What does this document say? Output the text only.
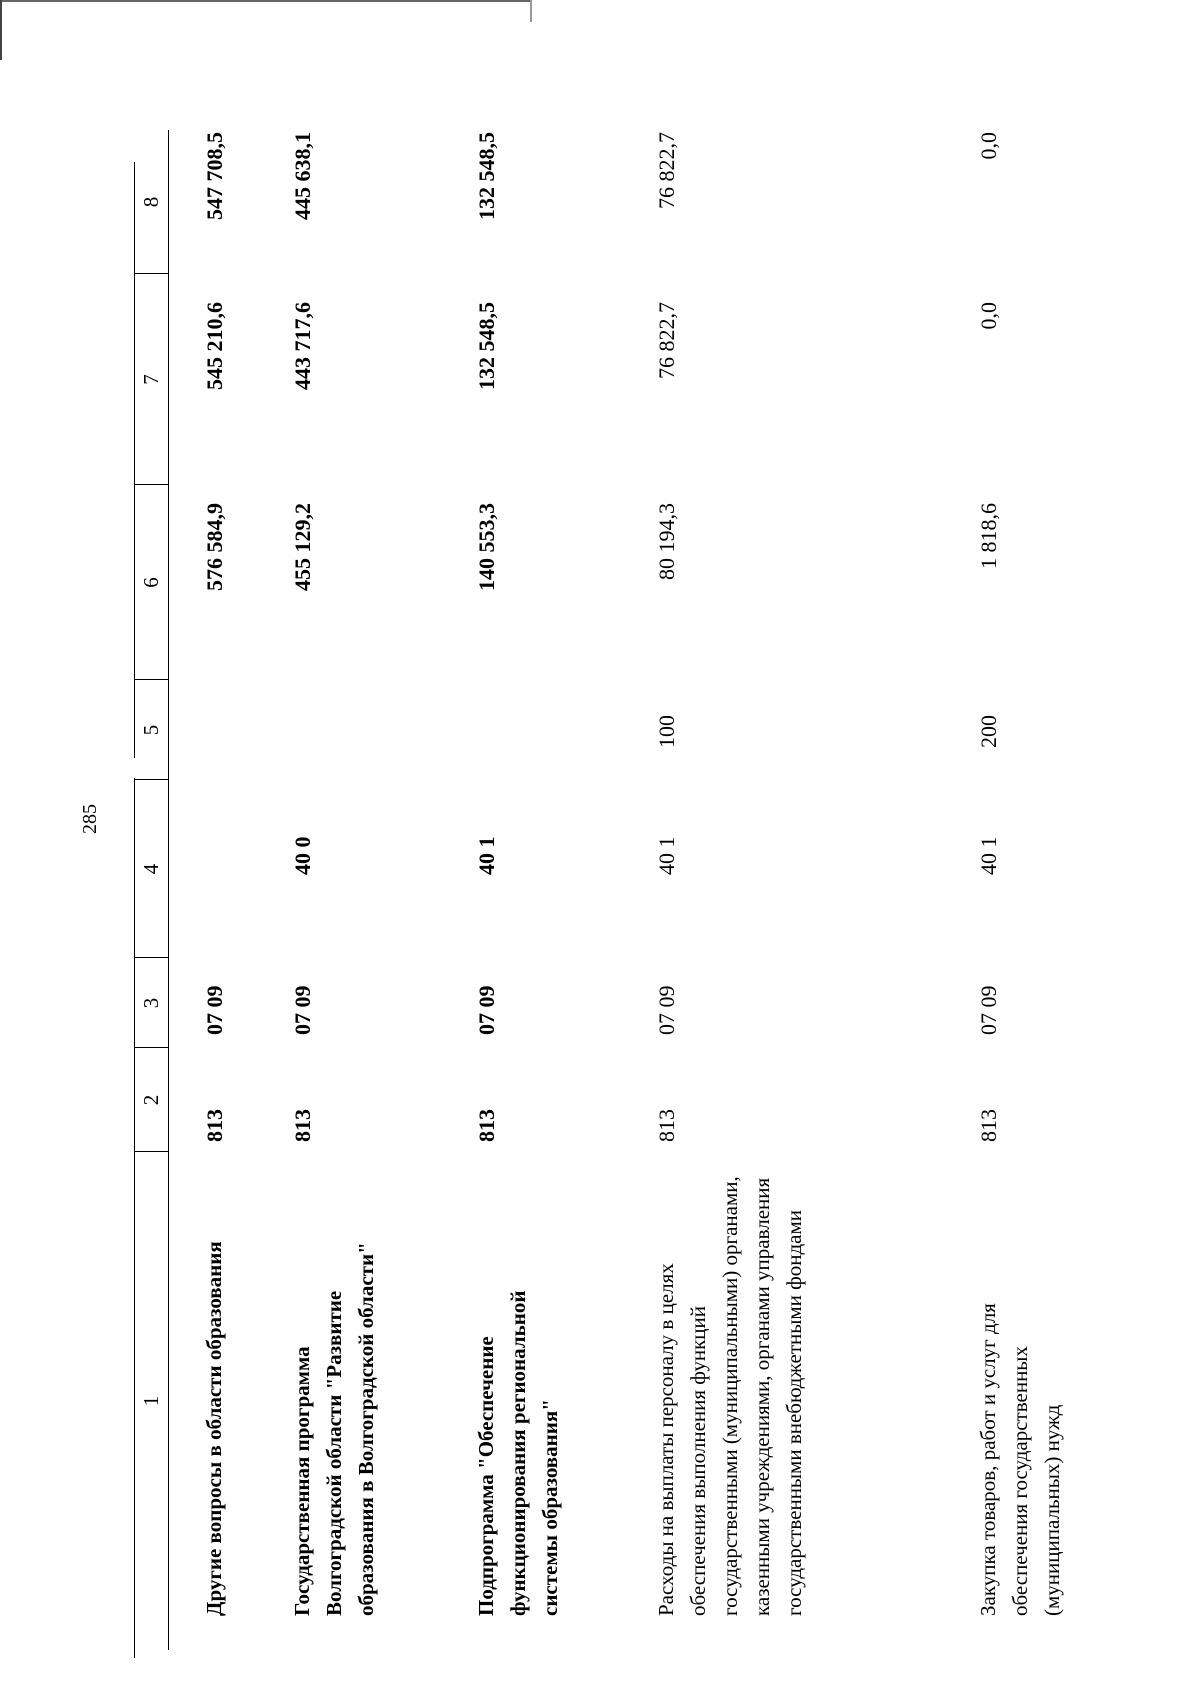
285
1
2
3
4
5
6
7
8
Другие вопросы в области образования
813
07 09
576 584,9
545 210,6
547 708,5
Государственная программа Волгоградской области "Развитие образования в Волгоградской области"
813
07 09
40 0
455 129,2
443 717,6
445 638,1
Подпрограмма "Обеспечение функционирования региональной системы образования"
813
07 09
40 1
140 553,3
132 548,5
132 548,5
Расходы на выплаты персоналу в целях обеспечения выполнения функций государственными (муниципальными) органами, казенными учреждениями, органами управления государственными внебюджетными фондами
813
07 09
40 1
100
80 194,3
76 822,7
76 822,7
Закупка товаров, работ и услуг для обеспечения государственных (муниципальных) нужд
813
07 09
40 1
200
1 818,6
0,0
0,0
